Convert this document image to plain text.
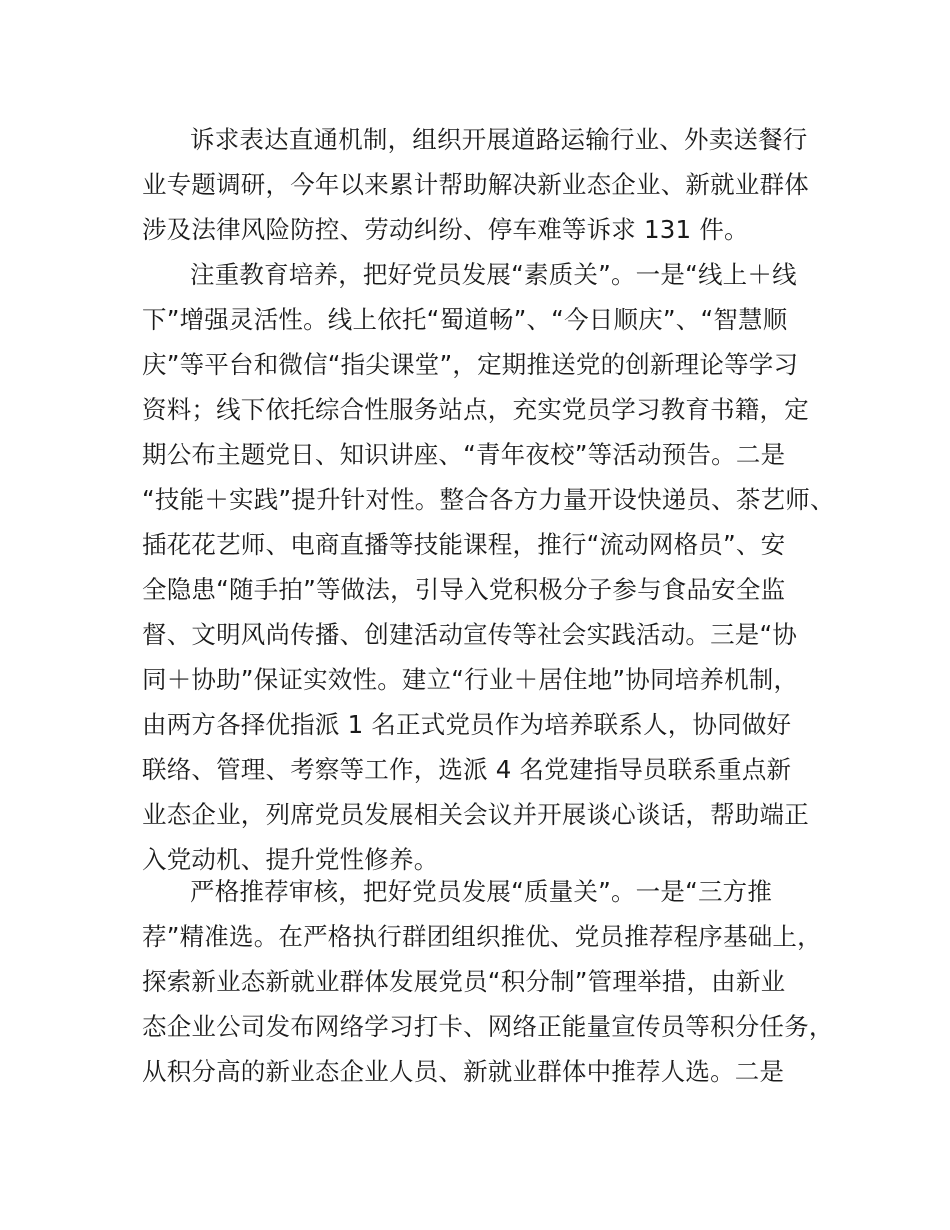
诉求表达直通机制，组织开展道路运输行业、外卖送餐行
业专题调研，今年以来累计帮助解决新业态企业、新就业群体
涉及法律风险防控、劳动纠纷、停车难等诉求 131 件。
注重教育培养，把好党员发展“素质关”。一是“线上＋线
下”增强灵活性。线上依托“蜀道畅”、“今日顺庆”、“智慧顺
庆”等平台和微信“指尖课堂”，定期推送党的创新理论等学习
资料；线下依托综合性服务站点，充实党员学习教育书籍，定
期公布主题党日、知识讲座、“青年夜校”等活动预告。二是
“技能＋实践”提升针对性。整合各方力量开设快递员、茶艺师、
插花花艺师、电商直播等技能课程，推行“流动网格员”、安
全隐患“随手拍”等做法，引导入党积极分子参与食品安全监
督、文明风尚传播、创建活动宣传等社会实践活动。三是“协
同＋协助”保证实效性。建立“行业＋居住地”协同培养机制，
由两方各择优指派 1 名正式党员作为培养联系人，协同做好
联络、管理、考察等工作，选派 4 名党建指导员联系重点新
业态企业，列席党员发展相关会议并开展谈心谈话，帮助端正
入党动机、提升党性修养。
严格推荐审核，把好党员发展“质量关”。一是“三方推
荐”精准选。在严格执行群团组织推优、党员推荐程序基础上，
探索新业态新就业群体发展党员“积分制”管理举措，由新业
态企业公司发布网络学习打卡、网络正能量宣传员等积分任务，
从积分高的新业态企业人员、新就业群体中推荐人选。二是
